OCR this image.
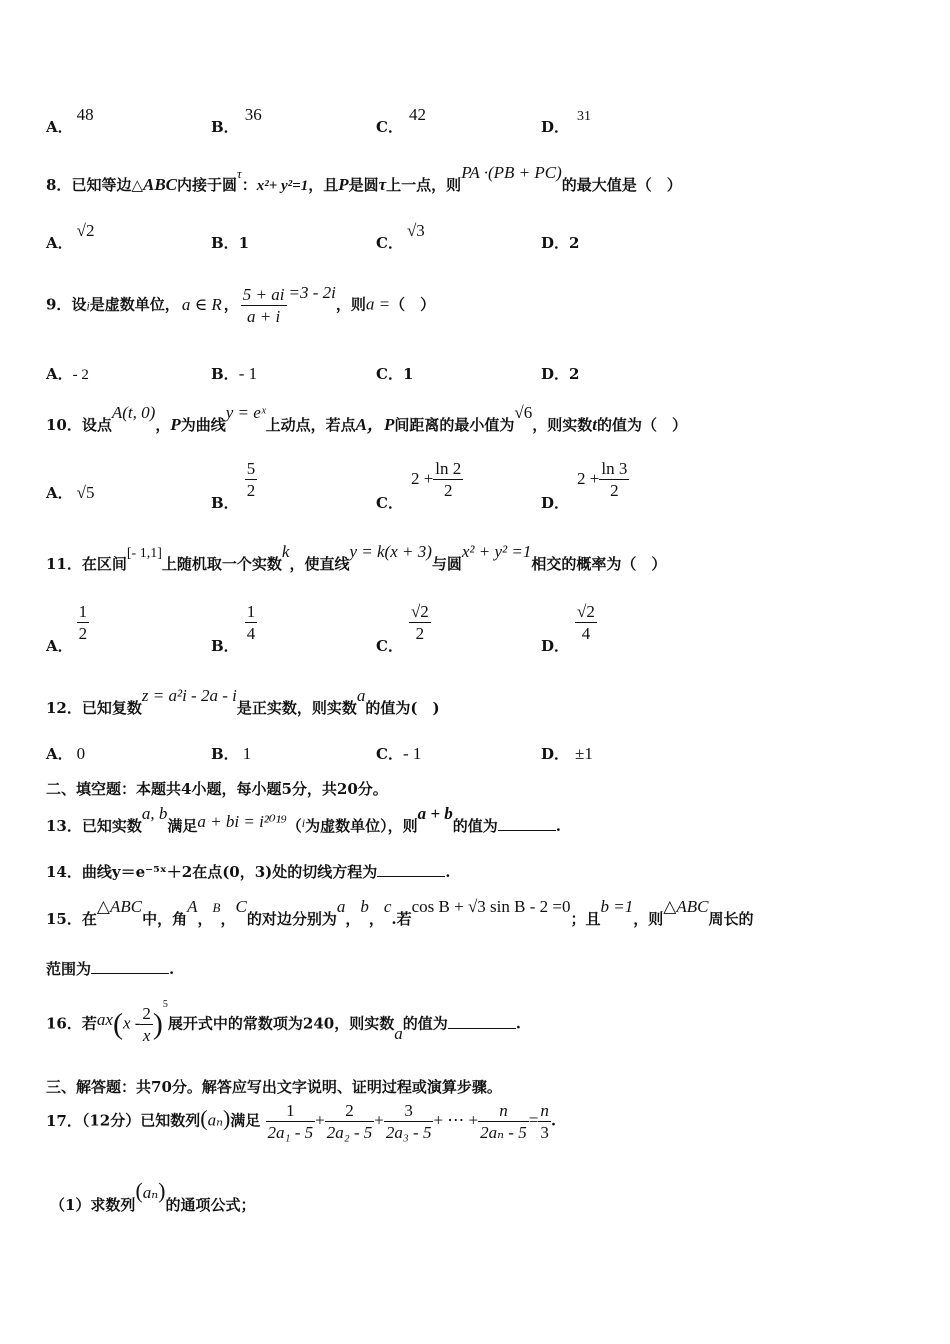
A．48
B．36
C．42
D．31
8．已知等边△ABC内接于圆τ：x²+ y²=1，且P是圆τ上一点，则PA ·(PB + PC)的最大值是（　）
A．√2
B．1	C．√3
D．2
9．设i是虚数单位， a ∈ R ， $\frac{5 + ai}{a + i} =3 - 2i$，则a =（　）
A．- 2	B．- 1	C．1	D．2
10．设点A(t, 0)，P为曲线y = eˣ上动点，若点A，P间距离的最小值为√6，则实数t的值为（　）
A． √5
B．
$\frac{5}{2}$
C．$2 + \frac{\ln 2}{2}$
D．$2 + \frac{\ln 3}{2}$
11．在区间[- 1,1]上随机取一个实数k，使直线y = k(x + 3)与圆x² + y² =1相交的概率为（　）
A．
$\frac{1}{2}$
B．
$\frac{1}{4}$
C．
$\frac{√2}{2}$
D．
$\frac{√2}{4}$
12．已知复数z = a²i - 2a - i是正实数，则实数a的值为(　)
A． 0	B． 1	C．- 1	D． ±1
二、填空题：本题共4小题，每小题5分，共20分。
13．已知实数a, b满足a + bi = i²⁰¹⁹（$^i$为虚数单位），则a + b的值为	.
14．曲线y＝e⁻⁵ˣ＋2在点(0，3)处的切线方程为	.
15．在△ABC中，角A，B，C的对边分别为a，b，c.若cos B + √3 sin B - 2 =0；且b =1，则△ABC周长的
范围为	.
16．若$ax(x - \frac{2}{x} )^5$展开式中的常数项为240，则实数a的值为	.
三、解答题：共70分。解答应写出文字说明、证明过程或演算步骤。
17．（12分）已知数列(aₙ)满足 $\frac{1}{\text{2a₁ - 5}} + \frac{2}{\text{2a₂ - 5}} + \frac{3}{\text{2a₃ - 5}}$ + ⋯ + $\frac{n}{\text{2aₙ - 5}} = \frac{n}{3}$ .
（1）求数列(aₙ)的通项公式；
